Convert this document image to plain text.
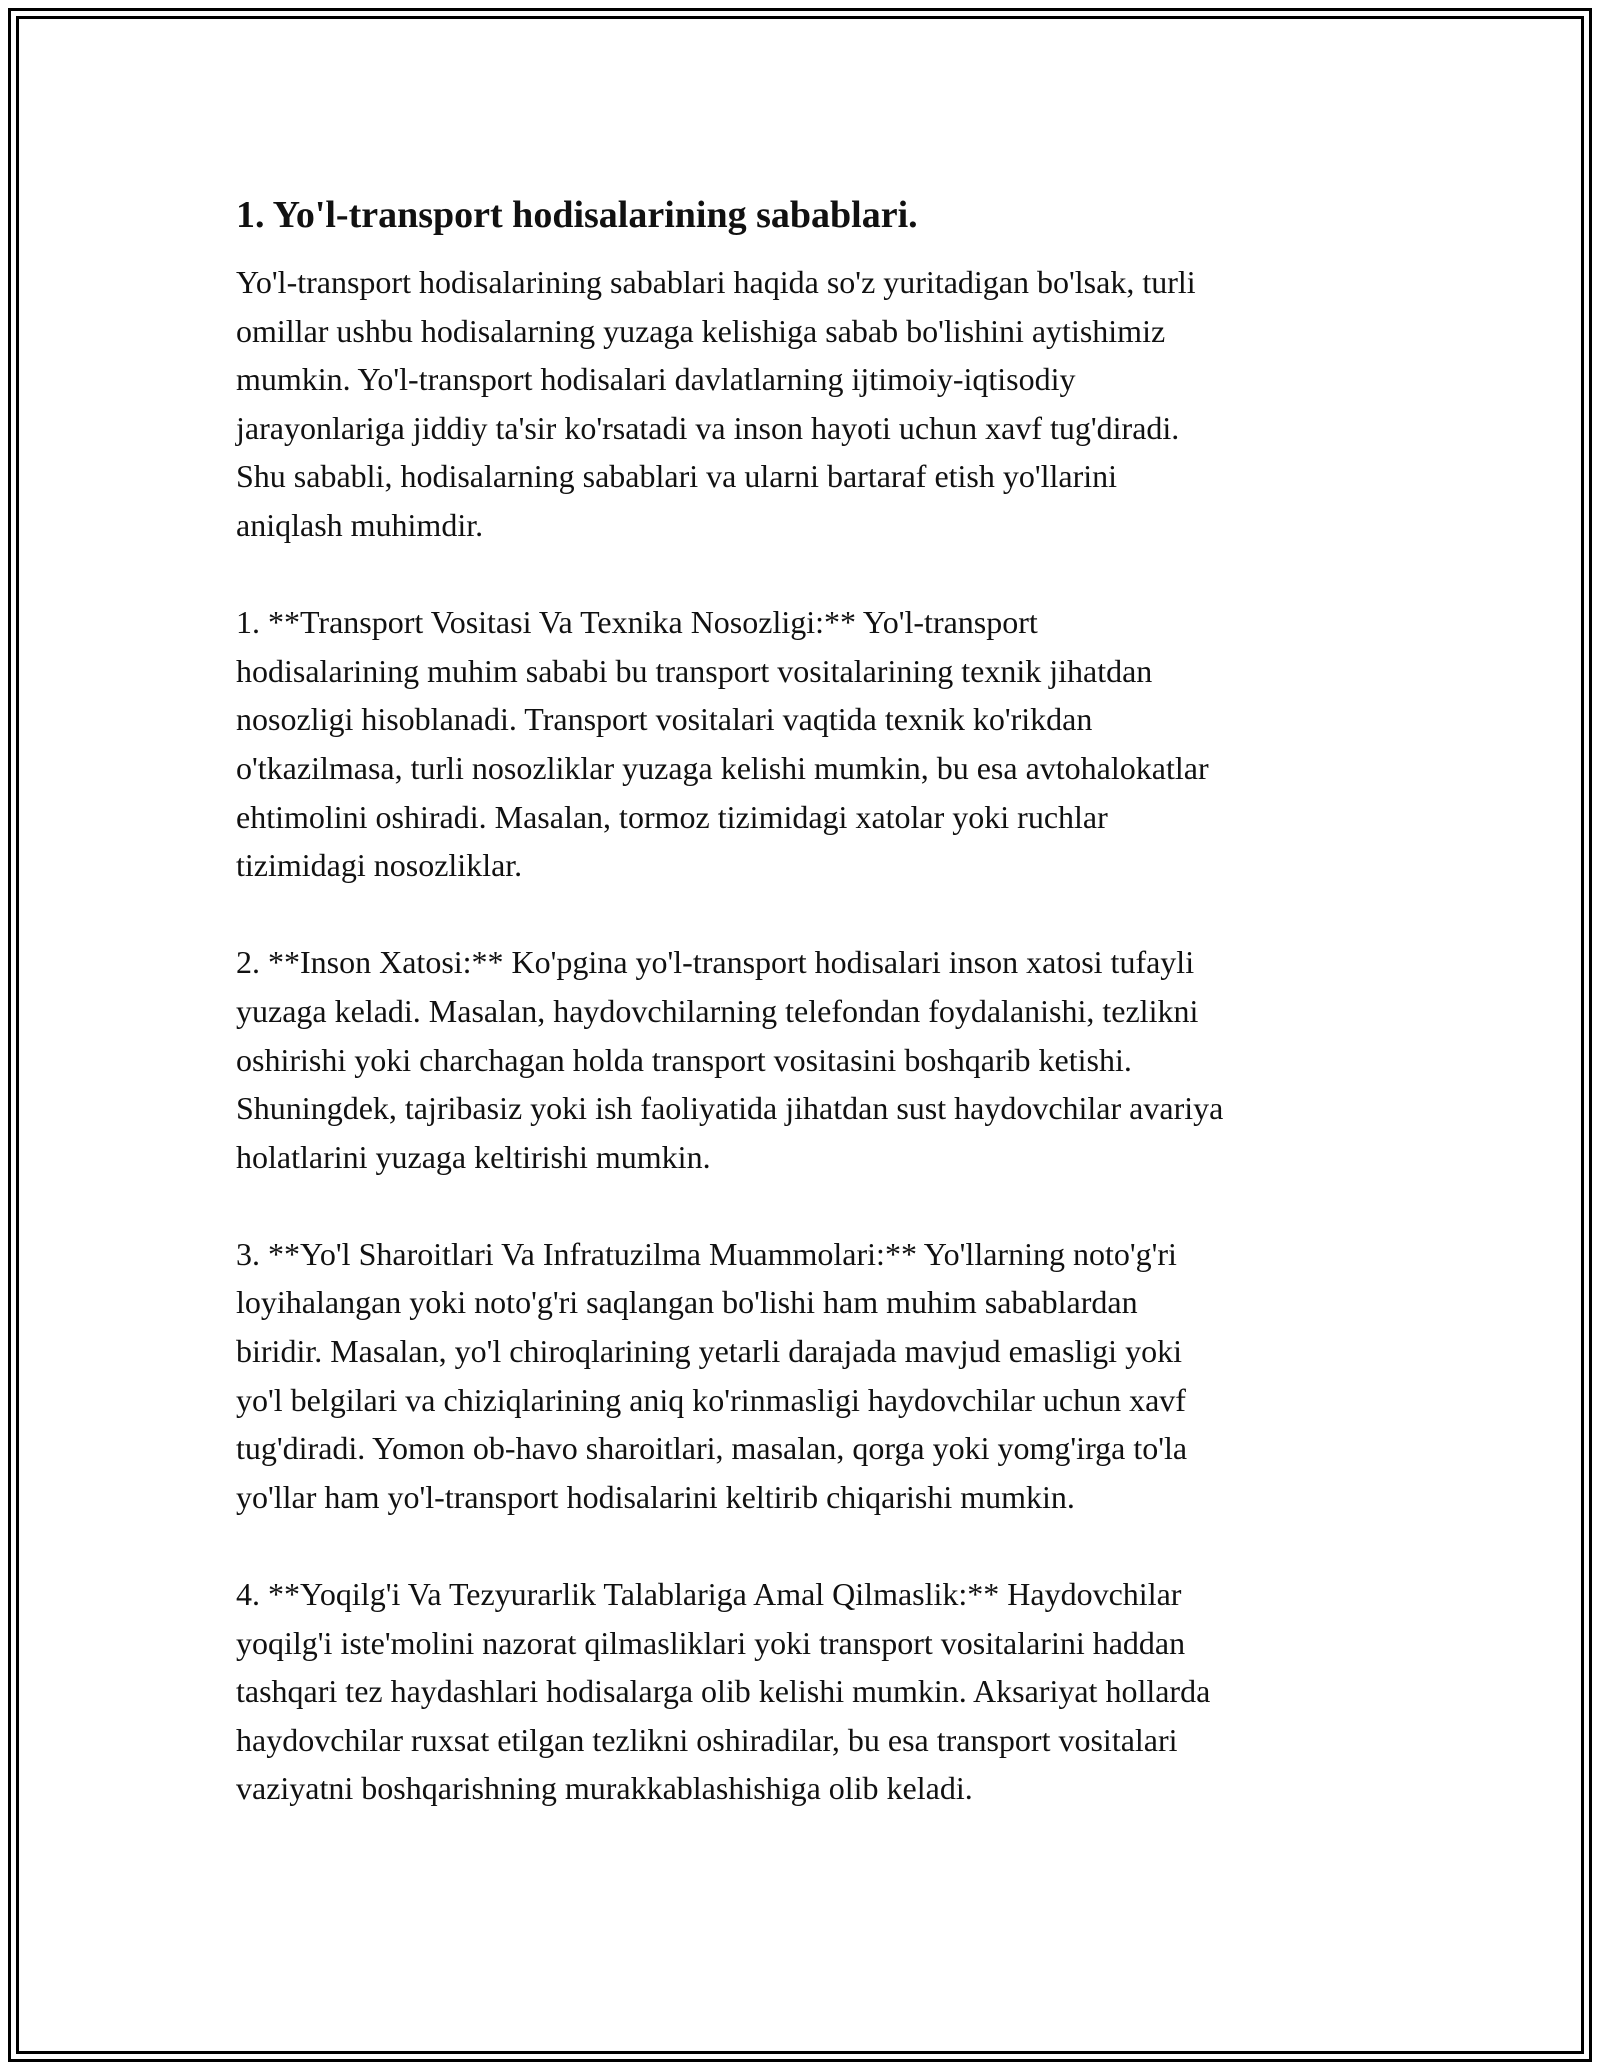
1. Yo'l-transport hodisalarining sabablari.

Yo'l-transport hodisalarining sabablari haqida so'z yuritadigan bo'lsak, turli
omillar ushbu hodisalarning yuzaga kelishiga sabab bo'lishini aytishimiz
mumkin. Yo'l-transport hodisalari davlatlarning ijtimoiy-iqtisodiy
jarayonlariga jiddiy ta'sir ko'rsatadi va inson hayoti uchun xavf tug'diradi.
Shu sababli, hodisalarning sabablari va ularni bartaraf etish yo'llarini
aniqlash muhimdir.

1. **Transport Vositasi Va Texnika Nosozligi:** Yo'l-transport
hodisalarining muhim sababi bu transport vositalarining texnik jihatdan
nosozligi hisoblanadi. Transport vositalari vaqtida texnik ko'rikdan
o'tkazilmasa, turli nosozliklar yuzaga kelishi mumkin, bu esa avtohalokatlar
ehtimolini oshiradi. Masalan, tormoz tizimidagi xatolar yoki ruchlar
tizimidagi nosozliklar.

2. **Inson Xatosi:** Ko'pgina yo'l-transport hodisalari inson xatosi tufayli
yuzaga keladi. Masalan, haydovchilarning telefondan foydalanishi, tezlikni
oshirishi yoki charchagan holda transport vositasini boshqarib ketishi.
Shuningdek, tajribasiz yoki ish faoliyatida jihatdan sust haydovchilar avariya
holatlarini yuzaga keltirishi mumkin.

3. **Yo'l Sharoitlari Va Infratuzilma Muammolari:** Yo'llarning noto'g'ri
loyihalangan yoki noto'g'ri saqlangan bo'lishi ham muhim sabablardan
biridir. Masalan, yo'l chiroqlarining yetarli darajada mavjud emasligi yoki
yo'l belgilari va chiziqlarining aniq ko'rinmasligi haydovchilar uchun xavf
tug'diradi. Yomon ob-havo sharoitlari, masalan, qorga yoki yomg'irga to'la
yo'llar ham yo'l-transport hodisalarini keltirib chiqarishi mumkin.

4. **Yoqilg'i Va Tezyurarlik Talablariga Amal Qilmaslik:** Haydovchilar
yoqilg'i iste'molini nazorat qilmasliklari yoki transport vositalarini haddan
tashqari tez haydashlari hodisalarga olib kelishi mumkin. Aksariyat hollarda
haydovchilar ruxsat etilgan tezlikni oshiradilar, bu esa transport vositalari
vaziyatni boshqarishning murakkablashishiga olib keladi.
